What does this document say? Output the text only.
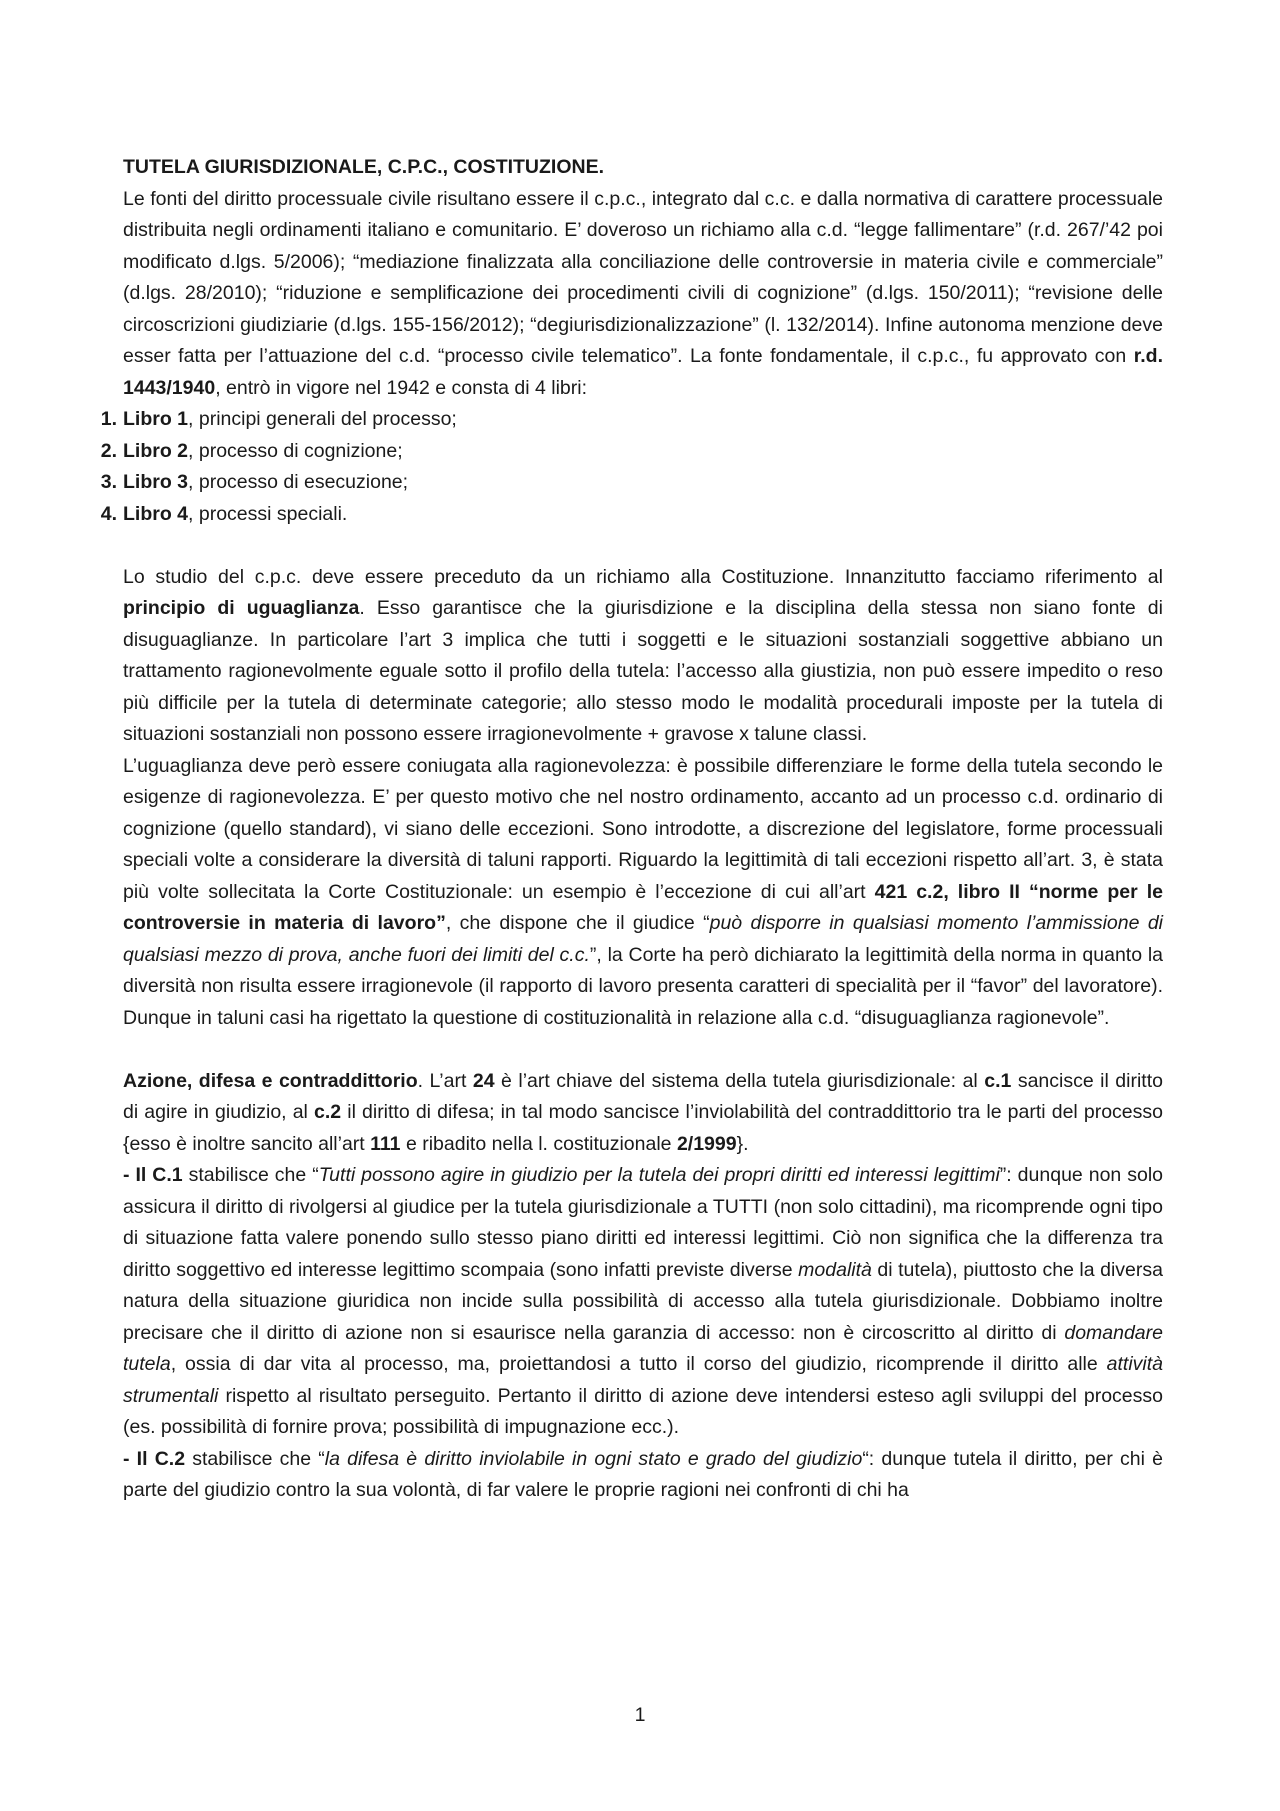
TUTELA GIURISDIZIONALE, C.P.C., COSTITUZIONE.

Le fonti del diritto processuale civile risultano essere il c.p.c., integrato dal c.c. e dalla normativa di carattere processuale distribuita negli ordinamenti italiano e comunitario. E’ doveroso un richiamo alla c.d. “legge fallimentare” (r.d. 267/’42 poi modificato d.lgs. 5/2006); “mediazione finalizzata alla conciliazione delle controversie in materia civile e commerciale” (d.lgs. 28/2010); “riduzione e semplificazione dei procedimenti civili di cognizione” (d.lgs. 150/2011); “revisione delle circoscrizioni giudiziarie (d.lgs. 155-156/2012); “degiurisdizionalizzazione” (l. 132/2014). Infine autonoma menzione deve esser fatta per l’attuazione del c.d. “processo civile telematico”. La fonte fondamentale, il c.p.c., fu approvato con r.d. 1443/1940, entrò in vigore nel 1942 e consta di 4 libri:

1. Libro 1, principi generali del processo;
2. Libro 2, processo di cognizione;
3. Libro 3, processo di esecuzione;
4. Libro 4, processi speciali.

Lo studio del c.p.c. deve essere preceduto da un richiamo alla Costituzione. Innanzitutto facciamo riferimento al principio di uguaglianza. Esso garantisce che la giurisdizione e la disciplina della stessa non siano fonte di disuguaglianze. In particolare l’art 3 implica che tutti i soggetti e le situazioni sostanziali soggettive abbiano un trattamento ragionevolmente eguale sotto il profilo della tutela: l’accesso alla giustizia, non può essere impedito o reso più difficile per la tutela di determinate categorie; allo stesso modo le modalità procedurali imposte per la tutela di situazioni sostanziali non possono essere irragionevolmente + gravose x talune classi.

L’uguaglianza deve però essere coniugata alla ragionevolezza: è possibile differenziare le forme della tutela secondo le esigenze di ragionevolezza. E’ per questo motivo che nel nostro ordinamento, accanto ad un processo c.d. ordinario di cognizione (quello standard), vi siano delle eccezioni. Sono introdotte, a discrezione del legislatore, forme processuali speciali volte a considerare la diversità di taluni rapporti. Riguardo la legittimità di tali eccezioni rispetto all’art. 3, è stata più volte sollecitata la Corte Costituzionale: un esempio è l’eccezione di cui all’art 421 c.2, libro II “norme per le controversie in materia di lavoro”, che dispone che il giudice “può disporre in qualsiasi momento l’ammissione di qualsiasi mezzo di prova, anche fuori dei limiti del c.c.”, la Corte ha però dichiarato la legittimità della norma in quanto la diversità non risulta essere irragionevole (il rapporto di lavoro presenta caratteri di specialità per il “favor” del lavoratore). Dunque in taluni casi ha rigettato la questione di costituzionalità in relazione alla c.d. “disuguaglianza ragionevole”.

Azione, difesa e contraddittorio. L’art 24 è l’art chiave del sistema della tutela giurisdizionale: al c.1 sancisce il diritto di agire in giudizio, al c.2 il diritto di difesa; in tal modo sancisce l’inviolabilità del contraddittorio tra le parti del processo {esso è inoltre sancito all’art 111 e ribadito nella l. costituzionale 2/1999}.

- Il C.1 stabilisce che “Tutti possono agire in giudizio per la tutela dei propri diritti ed interessi legittimi”: dunque non solo assicura il diritto di rivolgersi al giudice per la tutela giurisdizionale a TUTTI (non solo cittadini), ma ricomprende ogni tipo di situazione fatta valere ponendo sullo stesso piano diritti ed interessi legittimi. Ciò non significa che la differenza tra diritto soggettivo ed interesse legittimo scompaia (sono infatti previste diverse modalità di tutela), piuttosto che la diversa natura della situazione giuridica non incide sulla possibilità di accesso alla tutela giurisdizionale. Dobbiamo inoltre precisare che il diritto di azione non si esaurisce nella garanzia di accesso: non è circoscritto al diritto di domandare tutela, ossia di dar vita al processo, ma, proiettandosi a tutto il corso del giudizio, ricomprende il diritto alle attività strumentali rispetto al risultato perseguito. Pertanto il diritto di azione deve intendersi esteso agli sviluppi del processo (es. possibilità di fornire prova; possibilità di impugnazione ecc.).

- Il C.2 stabilisce che “la difesa è diritto inviolabile in ogni stato e grado del giudizio“: dunque tutela il diritto, per chi è parte del giudizio contro la sua volontà, di far valere le proprie ragioni nei confronti di chi ha

1
